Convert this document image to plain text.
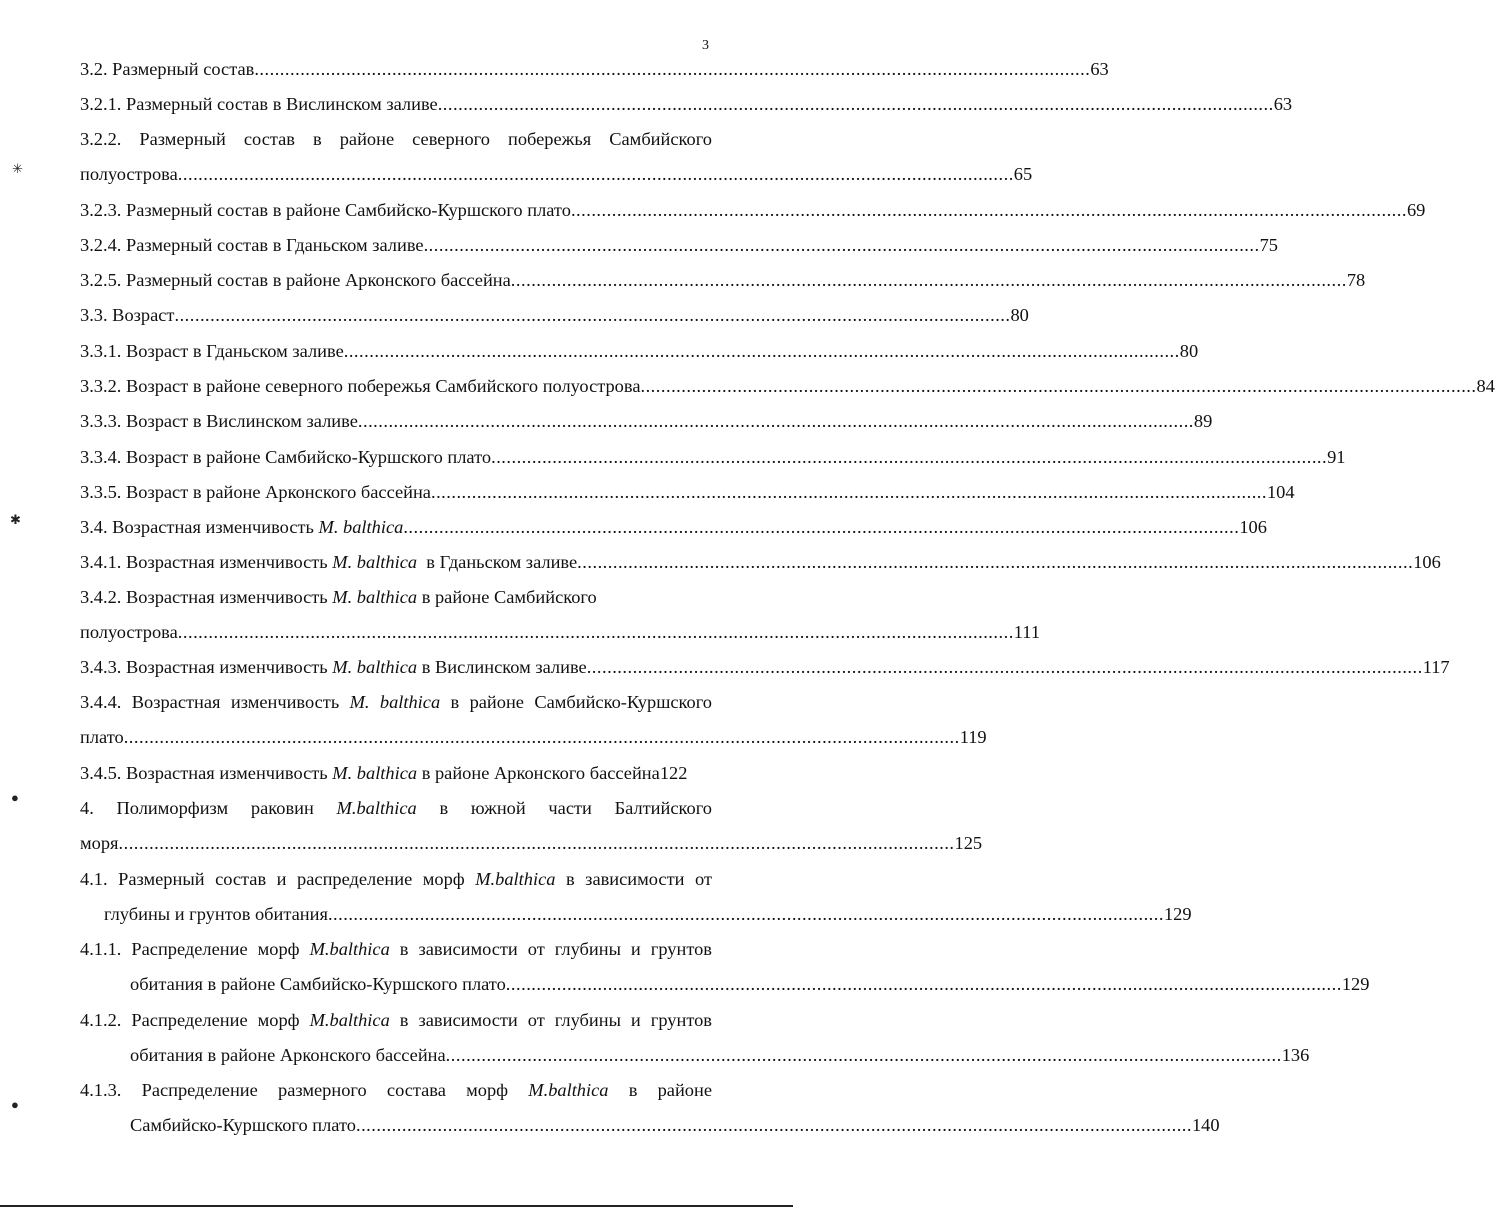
3
3.2. Размерный состав .................................................................................................................................................................... 63
3.2.1. Размерный состав в Вислинском заливе .................................................................................................................................................................... 63
3.2.2. Размерный состав в районе северного побережья Самбийского
полуострова .................................................................................................................................................................... 65
3.2.3. Размерный состав в районе Самбийско-Куршского плато .................................................................................................................................................................... 69
3.2.4. Размерный состав в Гданьском заливе .................................................................................................................................................................... 75
3.2.5. Размерный состав в районе Арконского бассейна .................................................................................................................................................................... 78
3.3. Возраст .................................................................................................................................................................... 80
3.3.1. Возраст в Гданьском заливе .................................................................................................................................................................... 80
3.3.2. Возраст в районе северного побережья Самбийского полуострова .................................................................................................................................................................... 84
3.3.3. Возраст в Вислинском заливе .................................................................................................................................................................... 89
3.3.4. Возраст в районе Самбийско-Куршского плато .................................................................................................................................................................... 91
3.3.5. Возраст в районе Арконского бассейна .................................................................................................................................................................... 104
3.4. Возрастная изменчивость M. balthica .................................................................................................................................................................... 106
3.4.1. Возрастная изменчивость M. balthica  в Гданьском заливе .................................................................................................................................................................... 106
3.4.2. Возрастная изменчивость M. balthica в районе Самбийского
полуострова .................................................................................................................................................................... 111
3.4.3. Возрастная изменчивость M. balthica в Вислинском заливе .................................................................................................................................................................... 117
3.4.4. Возрастная изменчивость M. balthica в районе Самбийско-Куршского
плато .................................................................................................................................................................... 119
3.4.5. Возрастная изменчивость M. balthica в районе Арконского бассейна122
4. Полиморфизм раковин M.balthica в южной части Балтийского
моря .................................................................................................................................................................... 125
4.1. Размерный состав и распределение морф M.balthica в зависимости от
глубины и грунтов обитания .................................................................................................................................................................... 129
4.1.1. Распределение морф M.balthica в зависимости от глубины и грунтов
обитания в районе Самбийско-Куршского плато .................................................................................................................................................................... 129
4.1.2. Распределение морф M.balthica в зависимости от глубины и грунтов
обитания в районе Арконского бассейна .................................................................................................................................................................... 136
4.1.3. Распределение размерного состава морф M.balthica в районе
Самбийско-Куршского плато .................................................................................................................................................................... 140
✳
✱
●
●
